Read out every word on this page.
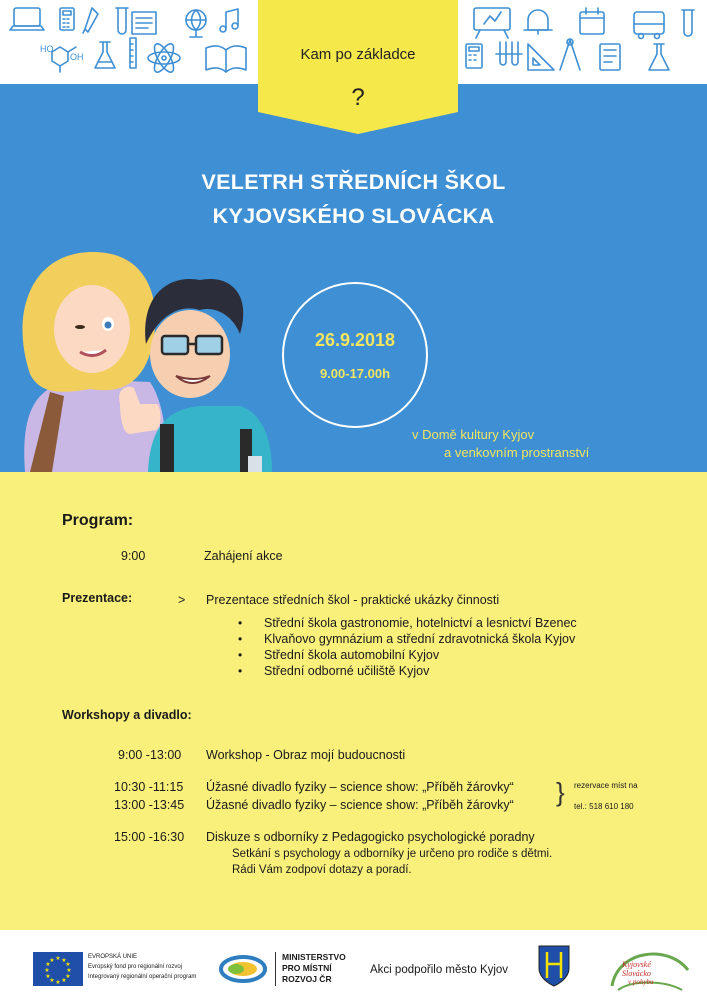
HO
OH
VELETRH STŘEDNÍCH ŠKOL
KYJOVSKÉHO SLOVÁCKA
Kam po základce
?
26.9.2018
9.00-17.00h
v Domě kultury Kyjov
a venkovním prostranství
Program:
9:00	Zahájení akce
Prezentace:	> Prezentace středních škol - praktické ukázky činnosti
• Střední škola gastronomie, hotelnictví a lesnictví Bzenec
• Klvaňovo gymnázium a střední zdravotnická škola Kyjov
• Střední škola automobilní Kyjov
• Střední odborné učiliště Kyjov
Workshopy a divadlo:
9:00 -13:00 Workshop - Obraz mojí budoucnosti
10:30 -11:15 Úžasné divadlo fyziky – science show: „Příběh žárovky“
13:00 -13:45 Úžasné divadlo fyziky – science show: „Příběh žárovky“ } rezervace míst na
tel.: 518 610 180
15:00 -16:30 Diskuze s odborníky z Pedagogicko psychologické poradny
Setkání s psychology a odborníky je určeno pro rodiče s dětmi.
Rádi Vám zodpoví dotazy a poradí.
★ ★
★
★
★
★
★
★
★
★
★
★	EVROPSKÁ UNIE
Evropský fond pro regionální rozvoj
Integrovaný regionální operační program
MINISTERSTVO
PRO MÍSTNÍ
ROZVOJ ČR
Akci podpořilo město Kyjov	Kyjovské
Slovácko
v pohybu
